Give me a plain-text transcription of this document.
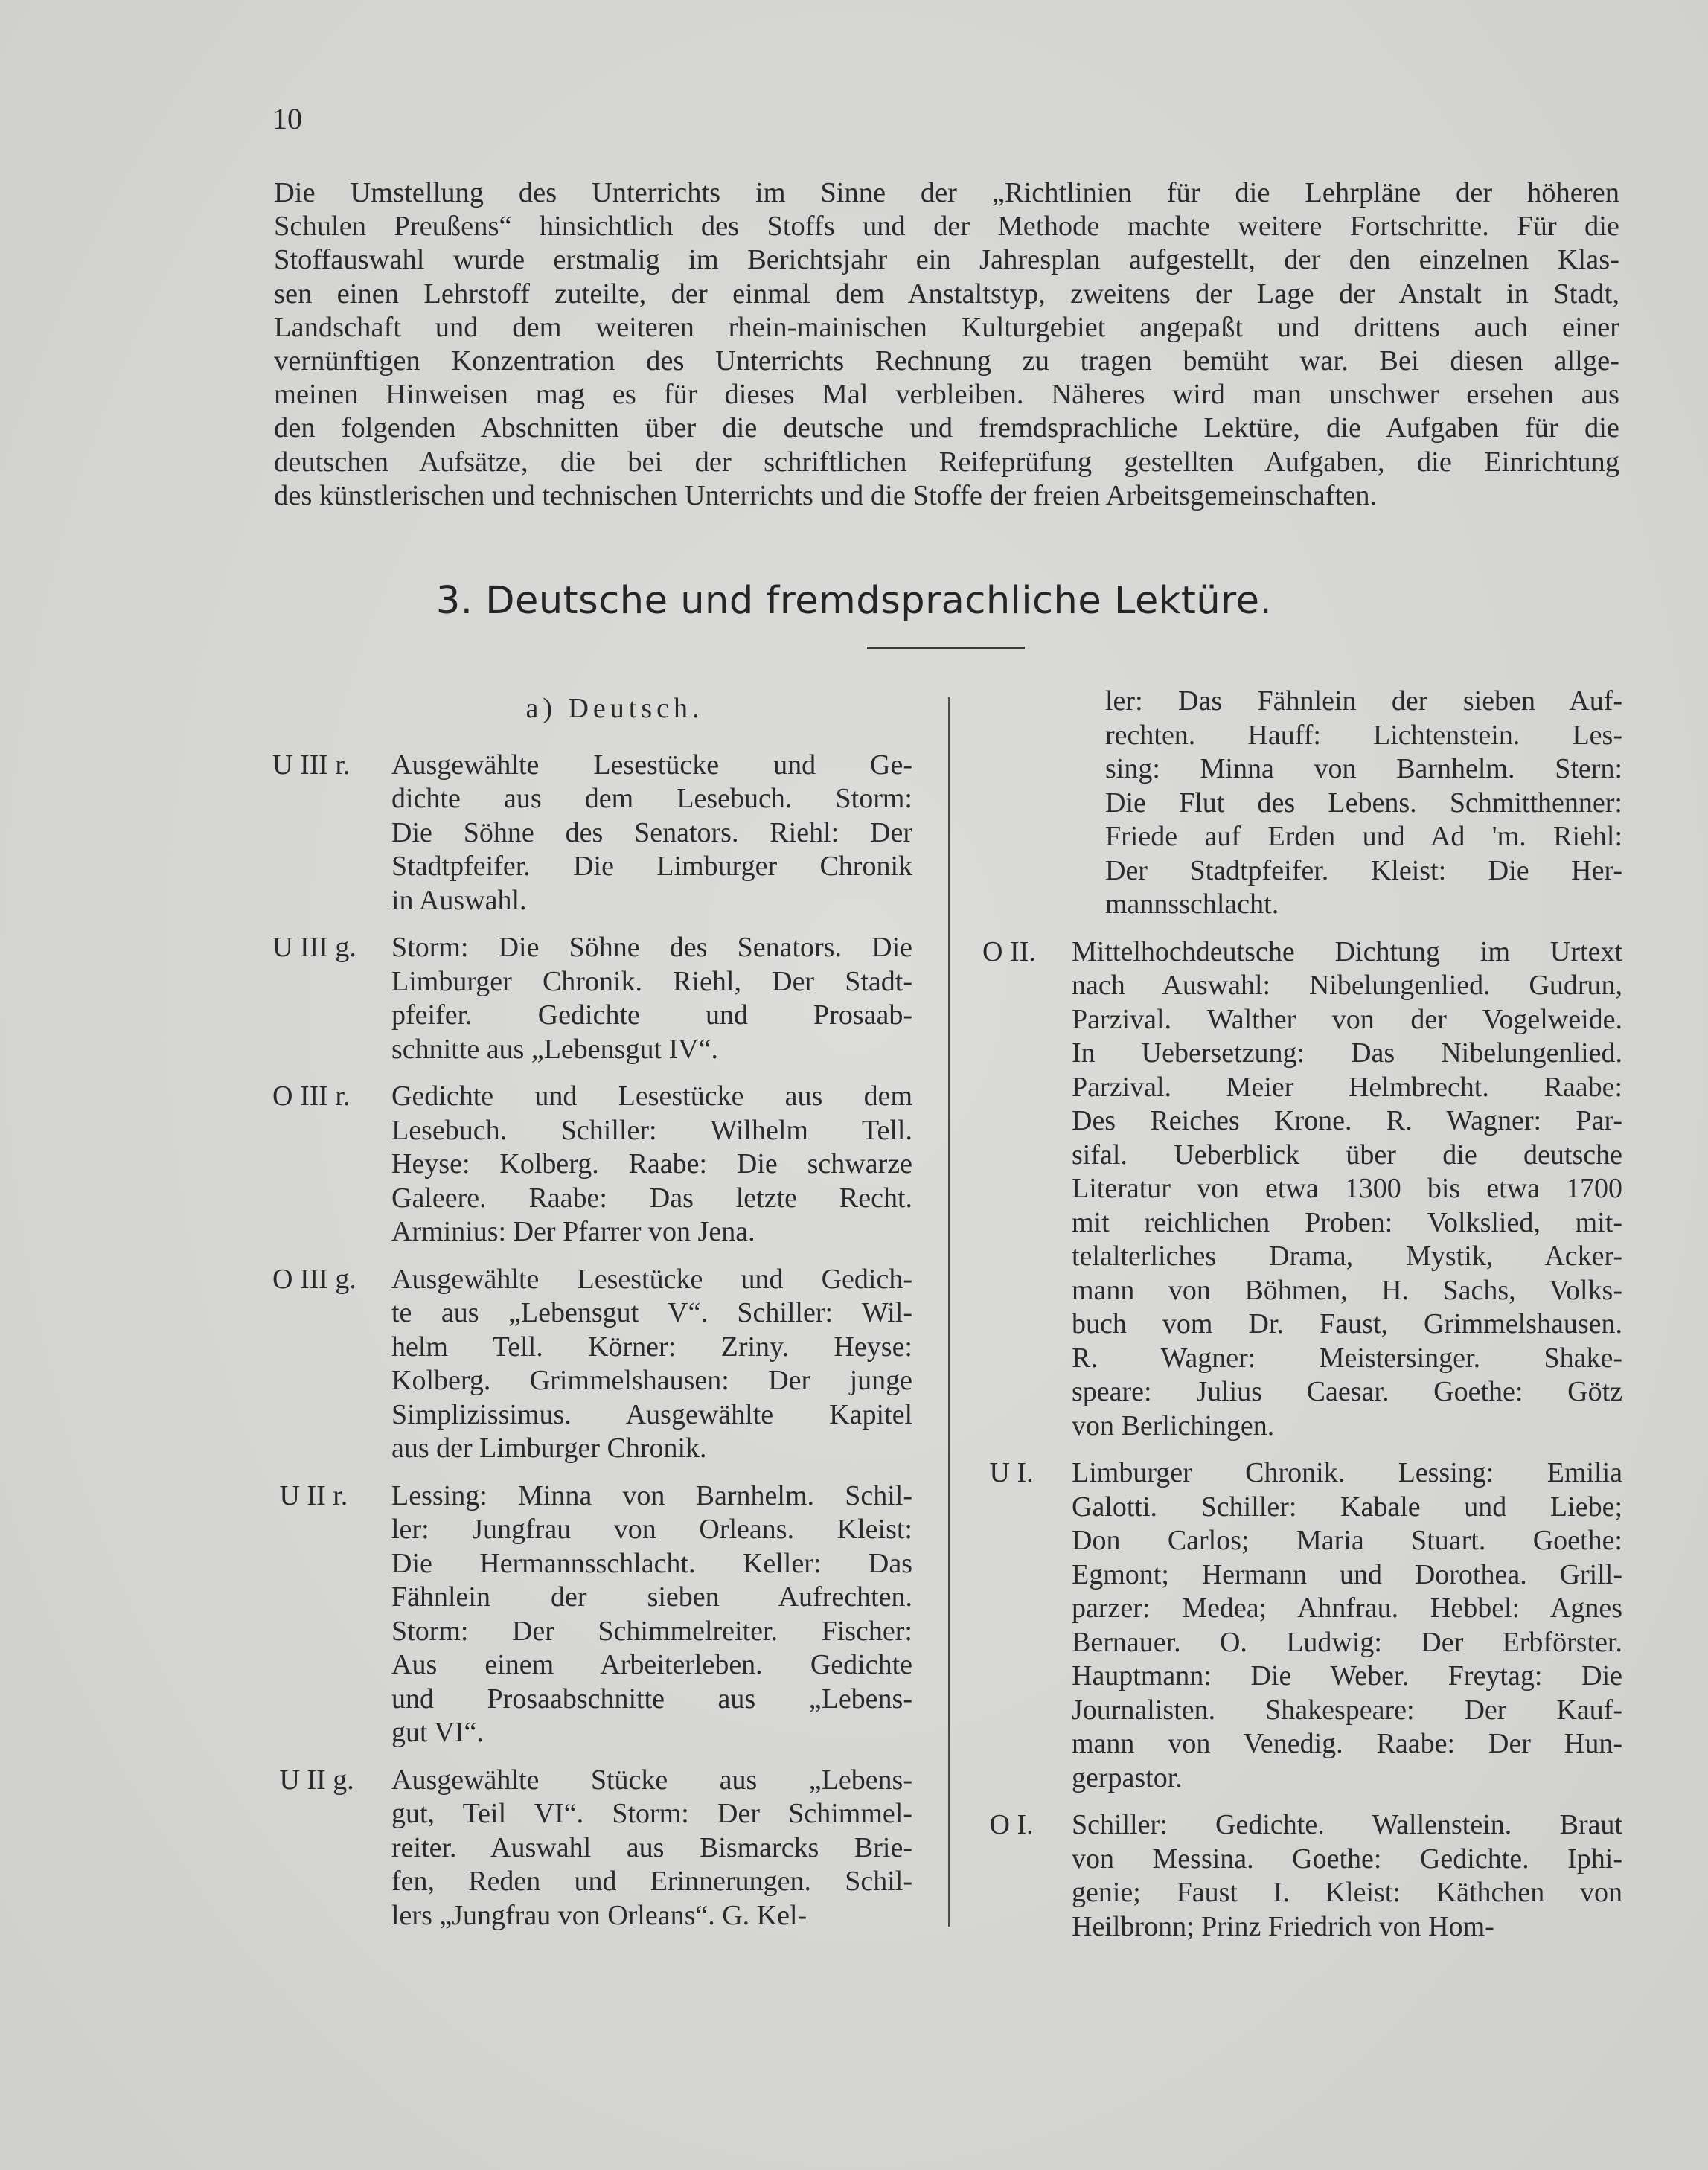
10
Die Umstellung des Unterrichts im Sinne der „Richtlinien für die Lehrpläne der höheren
Schulen Preußens“ hinsichtlich des Stoffs und der Methode machte weitere Fortschritte. Für die
Stoffauswahl wurde erstmalig im Berichtsjahr ein Jahresplan aufgestellt, der den einzelnen Klas-
sen einen Lehrstoff zuteilte, der einmal dem Anstaltstyp, zweitens der Lage der Anstalt in Stadt,
Landschaft und dem weiteren rhein-mainischen Kulturgebiet angepaßt und drittens auch einer
vernünftigen Konzentration des Unterrichts Rechnung zu tragen bemüht war. Bei diesen allge-
meinen Hinweisen mag es für dieses Mal verbleiben. Näheres wird man unschwer ersehen aus
den folgenden Abschnitten über die deutsche und fremdsprachliche Lektüre, die Aufgaben für die
deutschen Aufsätze, die bei der schriftlichen Reifeprüfung gestellten Aufgaben, die Einrichtung
des künstlerischen und technischen Unterrichts und die Stoffe der freien Arbeitsgemeinschaften.
3. Deutsche und fremdsprachliche Lektüre.
a) Deutsch.
U III r.	Ausgewählte Lesestücke und Ge-
dichte aus dem Lesebuch. Storm:
Die Söhne des Senators. Riehl: Der
Stadtpfeifer. Die Limburger Chronik
in Auswahl.
U III g.	Storm: Die Söhne des Senators. Die
Limburger Chronik. Riehl, Der Stadt-
pfeifer. Gedichte und Prosaab-
schnitte aus „Lebensgut IV“.
O III r.	Gedichte und Lesestücke aus dem
Lesebuch. Schiller: Wilhelm Tell.
Heyse: Kolberg. Raabe: Die schwarze
Galeere. Raabe: Das letzte Recht.
Arminius: Der Pfarrer von Jena.
O III g.	Ausgewählte Lesestücke und Gedich-
te aus „Lebensgut V“. Schiller: Wil-
helm Tell. Körner: Zriny. Heyse:
Kolberg. Grimmelshausen: Der junge
Simplizissimus. Ausgewählte Kapitel
aus der Limburger Chronik.
U II r.	Lessing: Minna von Barnhelm. Schil-
ler: Jungfrau von Orleans. Kleist:
Die Hermannsschlacht. Keller: Das
Fähnlein der sieben Aufrechten.
Storm: Der Schimmelreiter. Fischer:
Aus einem Arbeiterleben. Gedichte
und Prosaabschnitte aus „Lebens-
gut VI“.
U II g.	Ausgewählte Stücke aus „Lebens-
gut, Teil VI“. Storm: Der Schimmel-
reiter. Auswahl aus Bismarcks Brie-
fen, Reden und Erinnerungen. Schil-
lers „Jungfrau von Orleans“. G. Kel-
ler: Das Fähnlein der sieben Auf-
rechten. Hauff: Lichtenstein. Les-
sing: Minna von Barnhelm. Stern:
Die Flut des Lebens. Schmitthenner:
Friede auf Erden und Ad 'm. Riehl:
Der Stadtpfeifer. Kleist: Die Her-
mannsschlacht.
O II.	Mittelhochdeutsche Dichtung im Urtext
nach Auswahl: Nibelungenlied. Gudrun,
Parzival. Walther von der Vogelweide.
In Uebersetzung: Das Nibelungenlied.
Parzival. Meier Helmbrecht. Raabe:
Des Reiches Krone. R. Wagner: Par-
sifal. Ueberblick über die deutsche
Literatur von etwa 1300 bis etwa 1700
mit reichlichen Proben: Volkslied, mit-
telalterliches Drama, Mystik, Acker-
mann von Böhmen, H. Sachs, Volks-
buch vom Dr. Faust, Grimmelshausen.
R. Wagner: Meistersinger. Shake-
speare: Julius Caesar. Goethe: Götz
von Berlichingen.
U I.	Limburger Chronik. Lessing: Emilia
Galotti. Schiller: Kabale und Liebe;
Don Carlos; Maria Stuart. Goethe:
Egmont; Hermann und Dorothea. Grill-
parzer: Medea; Ahnfrau. Hebbel: Agnes
Bernauer. O. Ludwig: Der Erbförster.
Hauptmann: Die Weber. Freytag: Die
Journalisten. Shakespeare: Der Kauf-
mann von Venedig. Raabe: Der Hun-
gerpastor.
O I.	Schiller: Gedichte. Wallenstein. Braut
von Messina. Goethe: Gedichte. Iphi-
genie; Faust I. Kleist: Käthchen von
Heilbronn; Prinz Friedrich von Hom-
